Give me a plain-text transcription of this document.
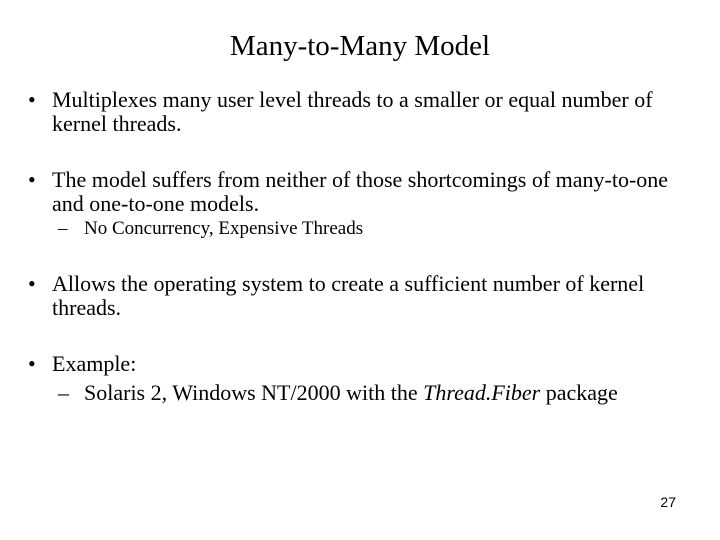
Many-to-Many Model
• Multiplexes many user level threads to a smaller or equal number of kernel threads.
• The model suffers from neither of those shortcomings of many-to-one and one-to-one models.
– No Concurrency, Expensive Threads
• Allows the operating system to create a sufficient number of kernel threads.
• Example:
– Solaris 2, Windows NT/2000 with the Thread.Fiber package
27
